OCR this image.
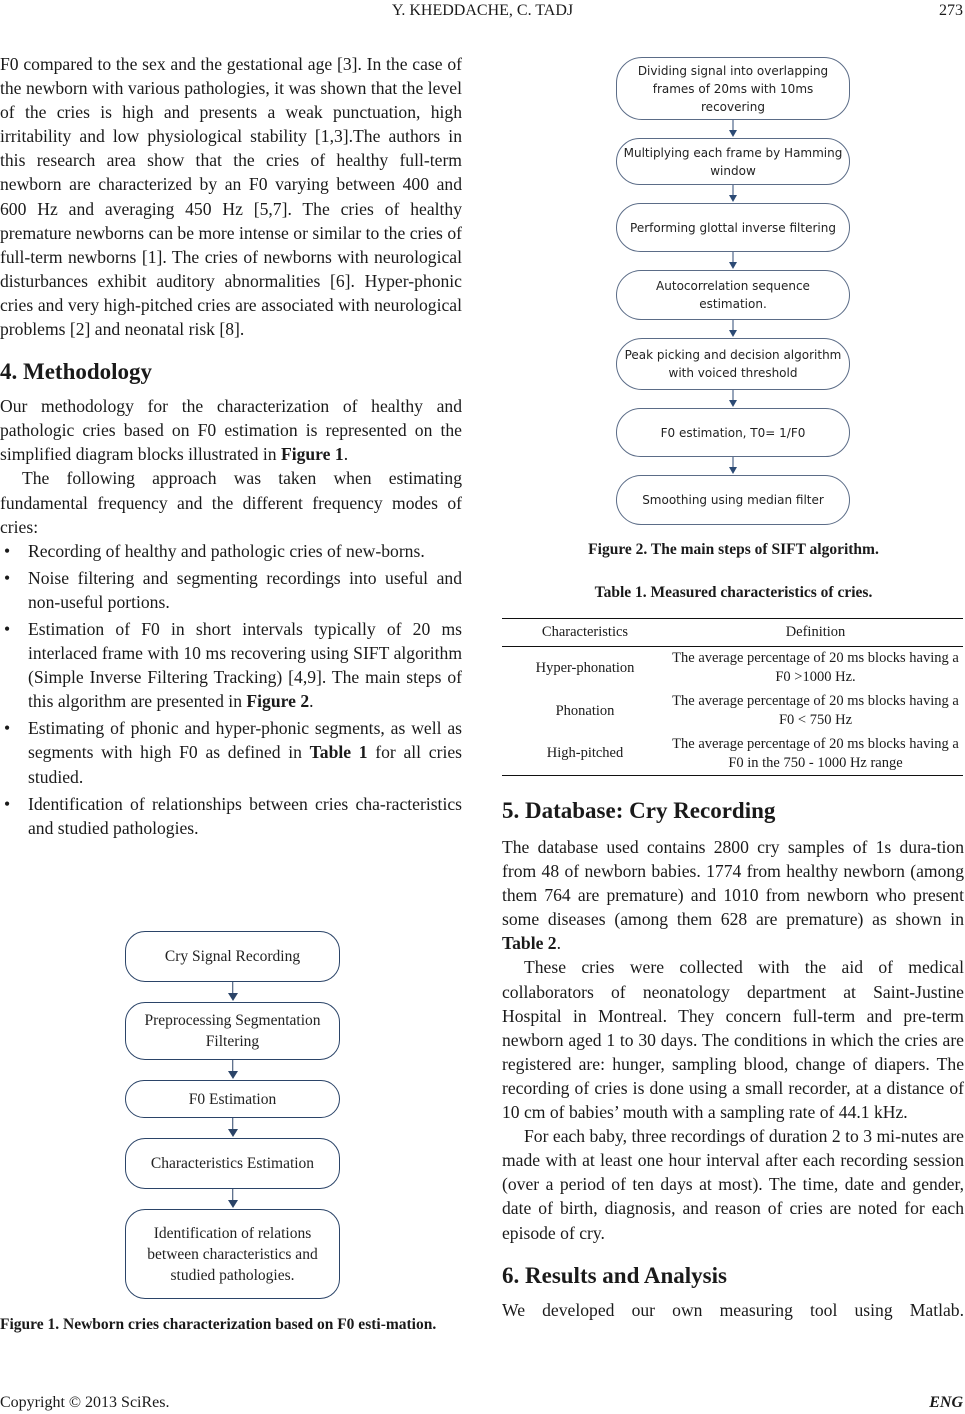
Y. KHEDDACHE, C. TADJ	273

F0 compared to the sex and the gestational age [3]. In the case of the newborn with various pathologies, it was shown that the level of the cries is high and presents a weak punctuation, high irritability and low physiological stability [1,3].The authors in this research area show that the cries of healthy full-term newborn are characterized by an F0 varying between 400 and 600 Hz and averaging 450 Hz [5,7]. The cries of healthy premature newborns can be more intense or similar to the cries of full-term newborns [1]. The cries of newborns with neurological disturbances exhibit auditory abnormalities [6]. Hyper-phonic cries and very high-pitched cries are associated with neurological problems [2] and neonatal risk [8].

4. Methodology

Our methodology for the characterization of healthy and pathologic cries based on F0 estimation is represented on the simplified diagram blocks illustrated in Figure 1.

The following approach was taken when estimating fundamental frequency and the different frequency modes of cries:

• Recording of healthy and pathologic cries of new-borns.
• Noise filtering and segmenting recordings into useful and non-useful portions.
• Estimation of F0 in short intervals typically of 20 ms interlaced frame with 10 ms recovering using SIFT algorithm (Simple Inverse Filtering Tracking) [4,9]. The main steps of this algorithm are presented in Figure 2.
• Estimating of phonic and hyper-phonic segments, as well as segments with high F0 as defined in Table 1 for all cries studied.
• Identification of relationships between cries cha-racteristics and studied pathologies.
Cry Signal Recording
Preprocessing Segmentation Filtering
F0 Estimation
Characteristics Estimation
Identification of relations between characteristics and studied pathologies.
Figure 1. Newborn cries characterization based on F0 esti-mation.
Dividing signal into overlapping frames of 20ms with 10ms recovering
Multiplying each frame by Hamming window
Performing glottal inverse filtering
Autocorrelation sequence estimation.
Peak picking and decision algorithm with voiced threshold
F0 estimation, T0= 1/F0
Smoothing using median filter
Figure 2. The main steps of SIFT algorithm.
Table 1. Measured characteristics of cries.
Characteristics	Definition
Hyper-phonation	The average percentage of 20 ms blocks having a F0 >1000 Hz.
Phonation	The average percentage of 20 ms blocks having a F0 < 750 Hz
High-pitched	The average percentage of 20 ms blocks having a F0 in the 750 - 1000 Hz range
5. Database: Cry Recording

The database used contains 2800 cry samples of 1s dura-tion from 48 of newborn babies. 1774 from healthy newborn (among them 764 are premature) and 1010 from newborn who present some diseases (among them 628 are premature) as shown in Table 2.

These cries were collected with the aid of medical collaborators of neonatology department at Saint-Justine Hospital in Montreal. They concern full-term and pre-term newborn aged 1 to 30 days. The conditions in which the cries are registered are: hunger, sampling blood, change of diapers. The recording of cries is done using a small recorder, at a distance of 10 cm of babies’ mouth with a sampling rate of 44.1 kHz.

For each baby, three recordings of duration 2 to 3 mi-nutes are made with at least one hour interval after each recording session (over a period of ten days at most). The time, date and gender, date of birth, diagnosis, and reason of cries are noted for each episode of cry.

6. Results and Analysis

We developed our own measuring tool using Matlab.

Copyright © 2013 SciRes.	ENG
